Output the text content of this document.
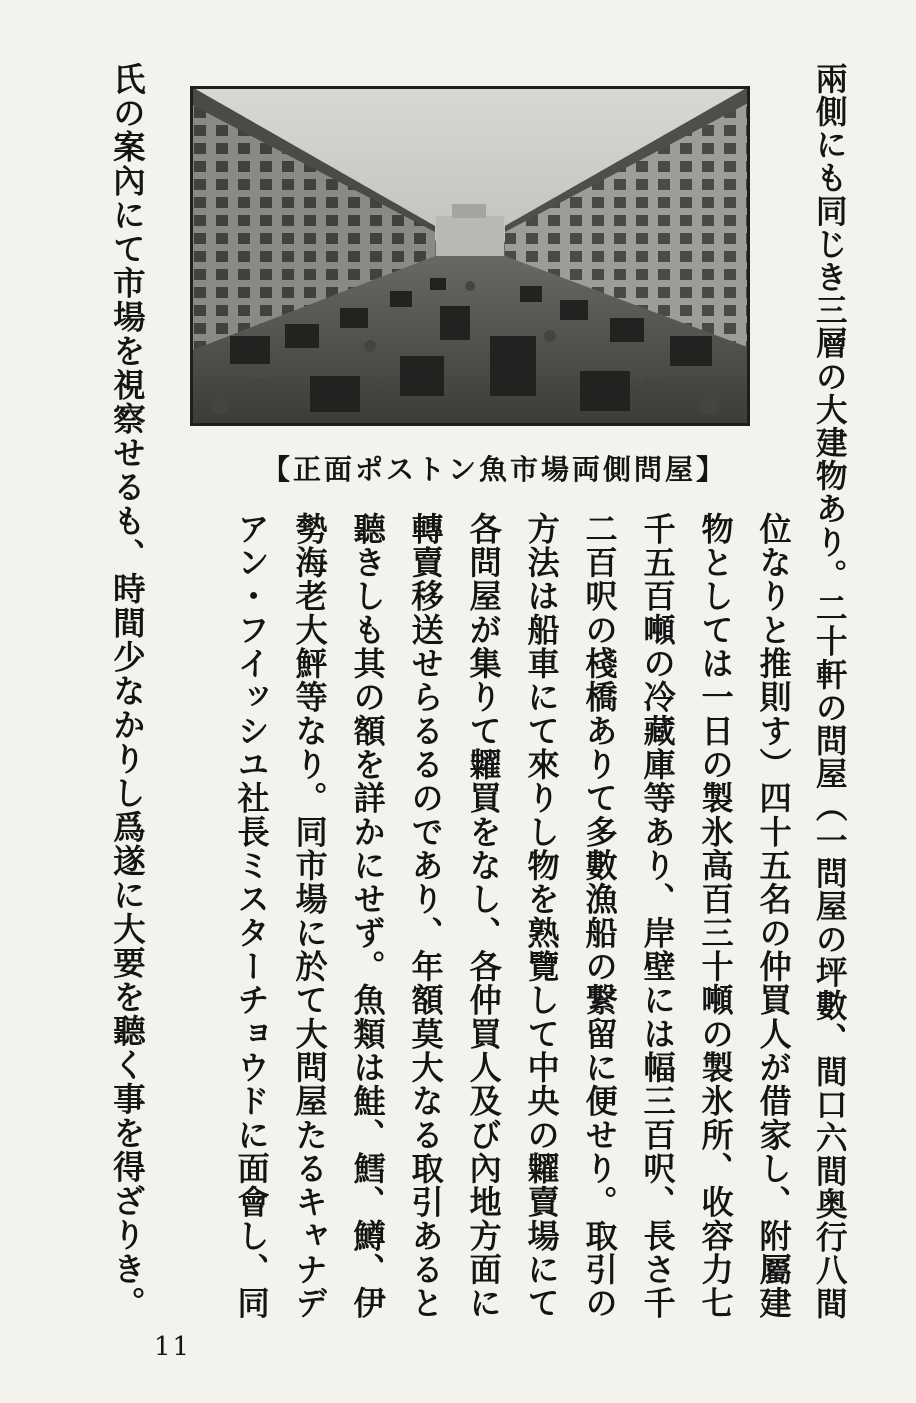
兩側にも同じき三層の大建物あり。二十軒の問屋（一問屋の坪數、間口六間奥行八間
【正面ポストン魚市場両側問屋】
位なりと推則す）四十五名の仲買人が借家し、附屬建
物としては一日の製氷高百三十噸の製氷所、收容力七
千五百噸の冷藏庫等あり、岸壁には幅三百呎、長さ千
二百呎の棧橋ありて多數漁船の繋留に便せり。取引の
方法は船車にて來りし物を熟覽して中央の糶賣場にて
各問屋が集りて糶買をなし、各仲買人及び內地方面に
轉賣移送せらるるのであり、年額莫大なる取引あると
聽きしも其の額を詳かにせず。魚類は鮭、鱈、鱒、伊
勢海老大鮃等なり。同市場に於て大問屋たるキャナデ
アン・フイッシユ社長ミスターチョウドに面會し、同
氏の案內にて市場を視察せるも、時間少なかりし爲遂に大要を聽く事を得ざりき。
11
